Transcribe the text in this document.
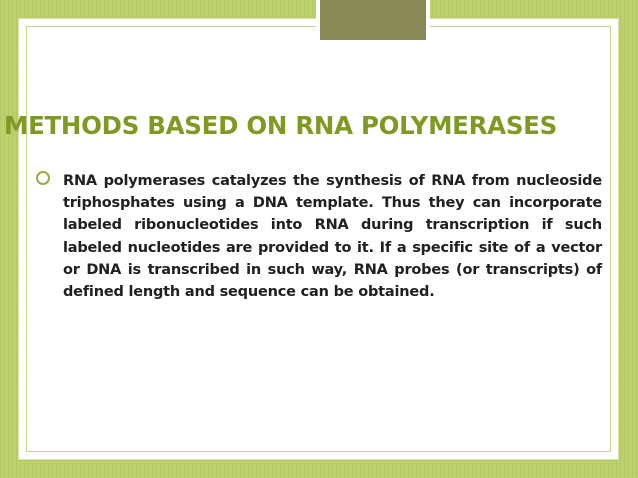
METHODS BASED ON RNA POLYMERASES

RNA polymerases catalyzes the synthesis of RNA from nucleoside triphosphates using a DNA template. Thus they can incorporate labeled ribonucleotides into RNA during transcription if such labeled nucleotides are provided to it. If a specific site of a vector or DNA is transcribed in such way, RNA probes (or transcripts) of defined length and sequence can be obtained.
